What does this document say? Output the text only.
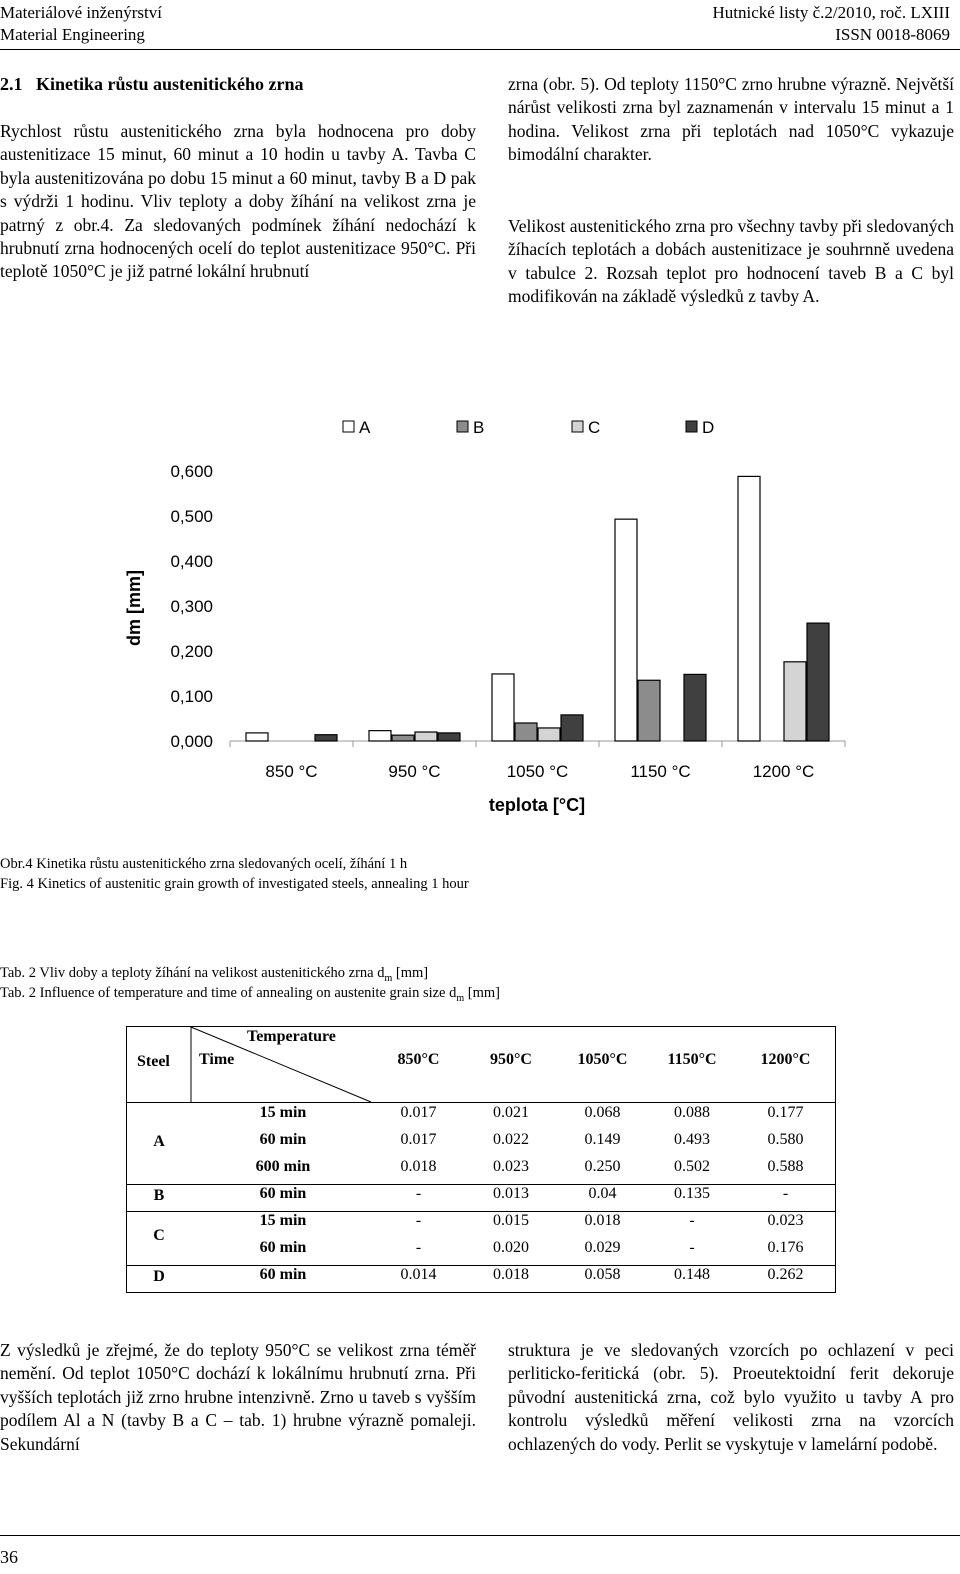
Materiálové inženýrství
Material Engineering
Hutnické listy č.2/2010, roč. LXIII
ISSN 0018-8069
2.1   Kinetika růstu austenitického zrna
Rychlost růstu austenitického zrna byla hodnocena pro doby austenitizace 15 minut, 60 minut a 10 hodin u tavby A. Tavba C byla austenitizována po dobu 15 minut a 60 minut, tavby B a D pak s výdrži 1 hodinu. Vliv teploty a doby žíhání na velikost zrna je patrný z obr.4. Za sledovaných podmínek žíhání nedochází k hrubnutí zrna hodnocených ocelí do teplot austenitizace 950°C. Při teplotě 1050°C je již patrné lokální hrubnutí
zrna (obr. 5). Od teploty 1150°C zrno hrubne výrazně. Největší nárůst velikosti zrna byl zaznamenán v intervalu 15 minut a 1 hodina. Velikost zrna při teplotách nad 1050°C vykazuje bimodální charakter.
Velikost austenitického zrna pro všechny tavby při sledovaných žíhacích teplotách a dobách austenitizace je souhrnně uvedena v tabulce 2. Rozsah teplot pro hodnocení taveb B a C byl modifikován na základě výsledků z tavby A.
0,000
0,100
0,200
0,300
0,400
0,500
0,600
dm [mm]
850 °C	950 °C	1050 °C	1150 °C	1200 °C
teplota [°C]
A	B	C	D
Obr.4 Kinetika růstu austenitického zrna sledovaných ocelí, žíhání 1 h
Fig. 4 Kinetics of austenitic grain growth of investigated steels, annealing 1 hour
Tab. 2 Vliv doby a teploty žíhání na velikost austenitického zrna $d_m$ [mm]
Tab. 2 Influence of temperature and time of annealing on austenite grain size $d_m$ [mm]
Steel Time
Temperature
850°C	950°C	1050°C	1150°C	1200°C
A
15 min	0.017	0.021	0.068	0.088	0.177
60 min	0.017	0.022	0.149	0.493	0.580
600 min	0.018	0.023	0.250	0.502	0.588
B	60 min	-	0.013	0.04	0.135	-
C
15 min	-	0.015	0.018	-	0.023
60 min	-	0.020	0.029	-	0.176
D	60 min	0.014	0.018	0.058	0.148	0.262
Z výsledků je zřejmé, že do teploty 950°C se velikost zrna téměř nemění. Od teplot 1050°C dochází k lokálnímu hrubnutí zrna. Při vyšších teplotách již zrno hrubne intenzivně. Zrno u taveb s vyšším podílem Al a N (tavby B a C – tab. 1) hrubne výrazně pomaleji. Sekundární
struktura je ve sledovaných vzorcích po ochlazení v peci perliticko-feritická (obr. 5). Proeutektoidní ferit dekoruje původní austenitická zrna, což bylo využito u tavby A pro kontrolu výsledků měření velikosti zrna na vzorcích ochlazených do vody. Perlit se vyskytuje v lamelární podobě.
36
